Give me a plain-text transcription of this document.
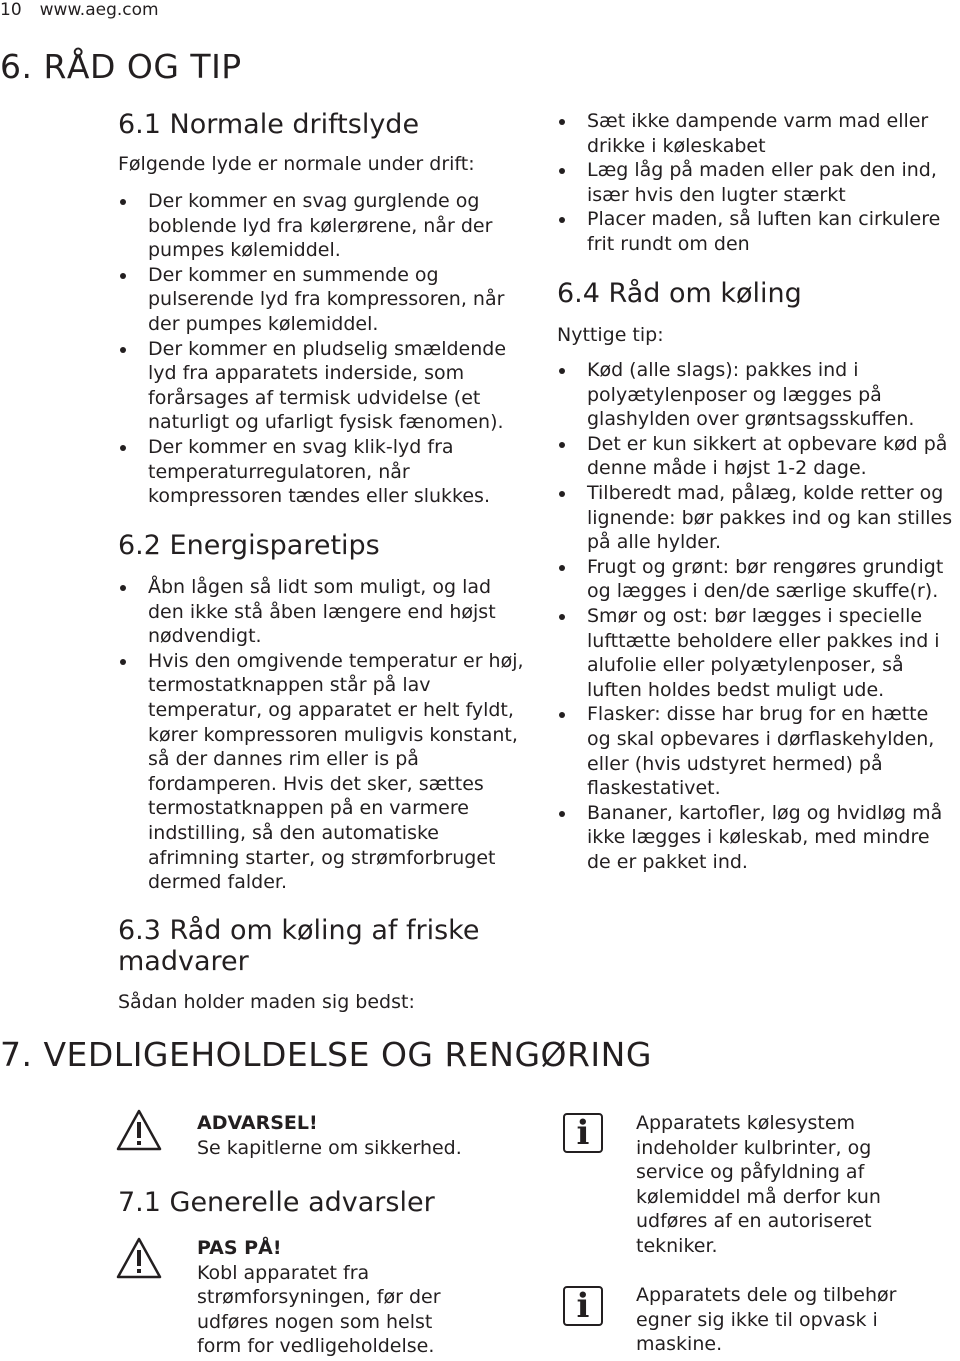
10 www.aeg.com
6. RÅD OG TIP
6.1 Normale driftslyde
Følgende lyde er normale under drift:
Der kommer en svag gurglende og boblende lyd fra kølerørene, når der pumpes kølemiddel.
Der kommer en summende og pulserende lyd fra kompressoren, når der pumpes kølemiddel.
Der kommer en pludselig smældende lyd fra apparatets inderside, som forårsages af termisk udvidelse (et naturligt og ufarligt fysisk fænomen).
Der kommer en svag klik-lyd fra temperaturregulatoren, når kompressoren tændes eller slukkes.
6.2 Energisparetips
Åbn lågen så lidt som muligt, og lad den ikke stå åben længere end højst nødvendigt.
Hvis den omgivende temperatur er høj, termostatknappen står på lav temperatur, og apparatet er helt fyldt, kører kompressoren muligvis konstant, så der dannes rim eller is på fordamperen. Hvis det sker, sættes termostatknappen på en varmere indstilling, så den automatiske afrimning starter, og strømforbruget dermed falder.
6.3 Råd om køling af friske madvarer
Sådan holder maden sig bedst:
Sæt ikke dampende varm mad eller drikke i køleskabet
Læg låg på maden eller pak den ind, især hvis den lugter stærkt
Placer maden, så luften kan cirkulere frit rundt om den
6.4 Råd om køling
Nyttige tip:
Kød (alle slags): pakkes ind i polyætylenposer og lægges på glashylden over grøntsagsskuffen.
Det er kun sikkert at opbevare kød på denne måde i højst 1-2 dage.
Tilberedt mad, pålæg, kolde retter og lignende: bør pakkes ind og kan stilles på alle hylder.
Frugt og grønt: bør rengøres grundigt og lægges i den/de særlige skuffe(r).
Smør og ost: bør lægges i specielle lufttætte beholdere eller pakkes ind i alufolie eller polyætylenposer, så luften holdes bedst muligt ude.
Flasker: disse har brug for en hætte og skal opbevares i dørflaskehylden, eller (hvis udstyret hermed) på flaskestativet.
Bananer, kartofler, løg og hvidløg må ikke lægges i køleskab, med mindre de er pakket ind.
7. VEDLIGEHOLDELSE OG RENGØRING
ADVARSEL!
Se kapitlerne om sikkerhed.
7.1 Generelle advarsler
PAS PÅ!
Kobl apparatet fra strømforsyningen, før der udføres nogen som helst form for vedligeholdelse.
i Apparatets kølesystem indeholder kulbrinter, og service og påfyldning af kølemiddel må derfor kun udføres af en autoriseret tekniker.
i Apparatets dele og tilbehør egner sig ikke til opvask i maskine.
